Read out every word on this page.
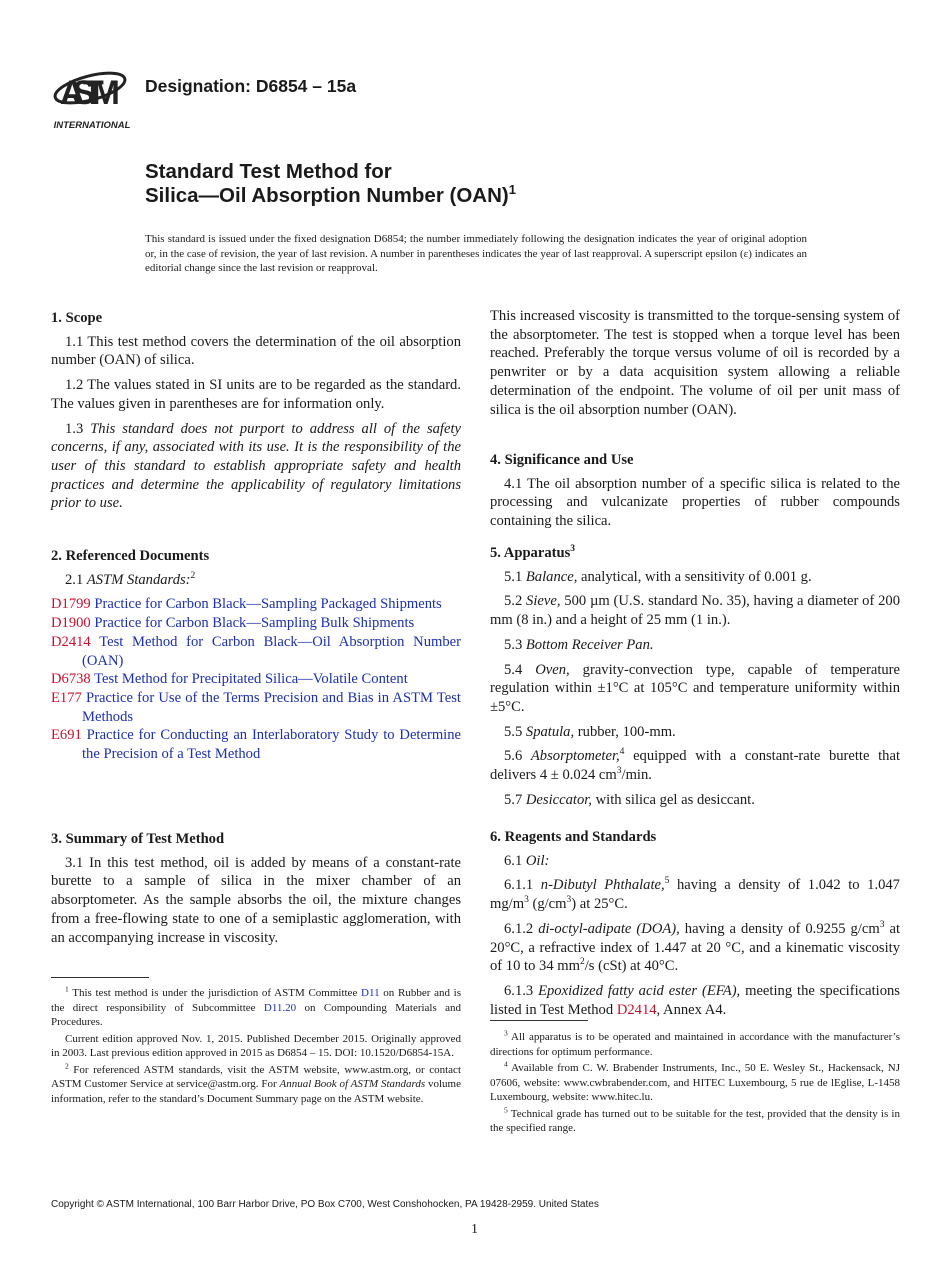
ASTM
INTERNATIONAL
Designation: D6854 – 15a
Standard Test Method for
Silica—Oil Absorption Number (OAN)$^1$
This standard is issued under the fixed designation D6854; the number immediately following the designation indicates the year of original adoption or, in the case of revision, the year of last revision. A number in parentheses indicates the year of last reapproval. A superscript epsilon (ε) indicates an editorial change since the last revision or reapproval.
1. Scope

1.1 This test method covers the determination of the oil absorption number (OAN) of silica.

1.2 The values stated in SI units are to be regarded as the standard. The values given in parentheses are for information only.

1.3 This standard does not purport to address all of the safety concerns, if any, associated with its use. It is the responsibility of the user of this standard to establish appropriate safety and health practices and determine the applicability of regulatory limitations prior to use.

2. Referenced Documents

2.1 ASTM Standards:$^2$

D1799 Practice for Carbon Black—Sampling Packaged Shipments

D1900 Practice for Carbon Black—Sampling Bulk Shipments

D2414 Test Method for Carbon Black—Oil Absorption Number (OAN)

D6738 Test Method for Precipitated Silica—Volatile Content

E177 Practice for Use of the Terms Precision and Bias in ASTM Test Methods

E691 Practice for Conducting an Interlaboratory Study to Determine the Precision of a Test Method

3. Summary of Test Method

3.1 In this test method, oil is added by means of a constant-rate burette to a sample of silica in the mixer chamber of an absorptometer. As the sample absorbs the oil, the mixture changes from a free-flowing state to one of a semiplastic agglomeration, with an accompanying increase in viscosity.

This increased viscosity is transmitted to the torque-sensing system of the absorptometer. The test is stopped when a torque level has been reached. Preferably the torque versus volume of oil is recorded by a penwriter or by a data acquisition system allowing a reliable determination of the endpoint. The volume of oil per unit mass of silica is the oil absorption number (OAN).

4. Significance and Use

4.1 The oil absorption number of a specific silica is related to the processing and vulcanizate properties of rubber compounds containing the silica.

5. Apparatus$^3$

5.1 Balance, analytical, with a sensitivity of 0.001 g.

5.2 Sieve, 500 µm (U.S. standard No. 35), having a diameter of 200 mm (8 in.) and a height of 25 mm (1 in.).

5.3 Bottom Receiver Pan.

5.4 Oven, gravity-convection type, capable of temperature regulation within ±1°C at 105°C and temperature uniformity within ±5°C.

5.5 Spatula, rubber, 100-mm.

5.6 Absorptometer,$^4$ equipped with a constant-rate burette that delivers 4 ± 0.024 $cm^3/\min$.

5.7 Desiccator, with silica gel as desiccant.

6. Reagents and Standards

6.1 Oil:

6.1.1 n-Dibutyl Phthalate,$^5$ having a density of 1.042 to 1.047 $mg/m^3$ $(g/cm^3)$ at 25°C.

6.1.2 di-octyl-adipate (DOA), having a density of 0.9255 $g/cm^3$ at 20°C, a refractive index of 1.447 at 20 °C, and a kinematic viscosity of 10 to 34 $mm^2/s$ (cSt) at 40°C.

6.1.3 Epoxidized fatty acid ester (EFA), meeting the specifications listed in Test Method D2414, Annex A4.

$^1$ This test method is under the jurisdiction of ASTM Committee D11 on Rubber and is the direct responsibility of Subcommittee D11.20 on Compounding Materials and Procedures.

Current edition approved Nov. 1, 2015. Published December 2015. Originally approved in 2003. Last previous edition approved in 2015 as D6854 – 15. DOI: 10.1520/D6854-15A.

$^2$ For referenced ASTM standards, visit the ASTM website, www.astm.org, or contact ASTM Customer Service at service@astm.org. For Annual Book of ASTM Standards volume information, refer to the standard’s Document Summary page on the ASTM website.

$^3$ All apparatus is to be operated and maintained in accordance with the manufacturer’s directions for optimum performance.

$^4$ Available from C. W. Brabender Instruments, Inc., 50 E. Wesley St., Hackensack, NJ 07606, website: www.cwbrabender.com, and HITEC Luxembourg, 5 rue de lEglise, L-1458 Luxembourg, website: www.hitec.lu.

$^5$ Technical grade has turned out to be suitable for the test, provided that the density is in the specified range.

Copyright © ASTM International, 100 Barr Harbor Drive, PO Box C700, West Conshohocken, PA 19428-2959. United States
1
